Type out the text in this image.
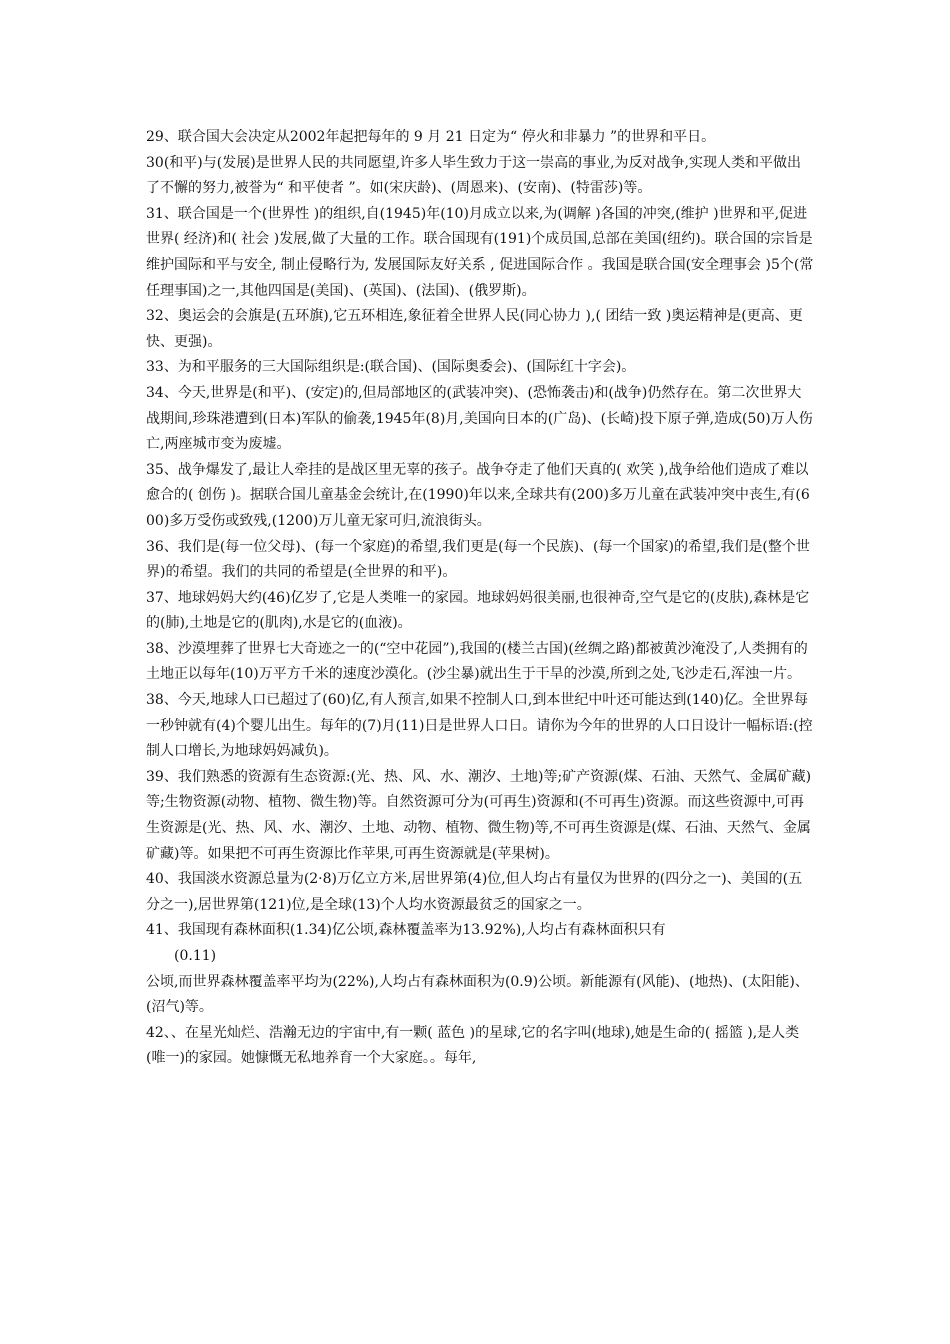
29、联合国大会决定从2002年起把每年的 9 月 21 日定为“ 停火和非暴力 ”的世界和平日。

30(和平)与(发展)是世界人民的共同愿望,许多人毕生致力于这一崇高的事业,为反对战争,实现人类和平做出了不懈的努力,被誉为“ 和平使者 ”。如(宋庆龄)、(周恩来)、(安南)、(特雷莎)等。

31、联合国是一个(世界性 )的组织,自(1945)年(10)月成立以来,为(调解 )各国的冲突,(维护 )世界和平,促进世界( 经济)和( 社会 )发展,做了大量的工作。联合国现有(191)个成员国,总部在美国(纽约)。联合国的宗旨是 维护国际和平与安全, 制止侵略行为, 发展国际友好关系 , 促进国际合作 。我国是联合国(安全理事会 )5个(常任理事国)之一,其他四国是(美国)、(英国)、(法国)、(俄罗斯)。

32、奥运会的会旗是(五环旗),它五环相连,象征着全世界人民(同心协力 ),( 团结一致 )奥运精神是(更高、更快、更强)。

33、为和平服务的三大国际组织是:(联合国)、(国际奥委会)、(国际红十字会)。

34、今天,世界是(和平)、(安定)的,但局部地区的(武装冲突)、(恐怖袭击)和(战争)仍然存在。第二次世界大战期间,珍珠港遭到(日本)军队的偷袭,1945年(8)月,美国向日本的(广岛)、(长崎)投下原子弹,造成(50)万人伤亡,两座城市变为废墟。

35、战争爆发了,最让人牵挂的是战区里无辜的孩子。战争夺走了他们天真的( 欢笑 ),战争给他们造成了难以愈合的( 创伤 )。据联合国儿童基金会统计,在(1990)年以来,全球共有(200)多万儿童在武装冲突中丧生,有(600)多万受伤或致残,(1200)万儿童无家可归,流浪街头。

36、我们是(每一位父母)、(每一个家庭)的希望,我们更是(每一个民族)、(每一个国家)的希望,我们是(整个世界)的希望。我们的共同的希望是(全世界的和平)。

37、地球妈妈大约(46)亿岁了,它是人类唯一的家园。地球妈妈很美丽,也很神奇,空气是它的(皮肤),森林是它的(肺),土地是它的(肌肉),水是它的(血液)。

38、沙漠埋葬了世界七大奇迹之一的(“空中花园”),我国的(楼兰古国)(丝绸之路)都被黄沙淹没了,人类拥有的土地正以每年(10)万平方千米的速度沙漠化。(沙尘暴)就出生于干旱的沙漠,所到之处,飞沙走石,浑浊一片。

38、今天,地球人口已超过了(60)亿,有人预言,如果不控制人口,到本世纪中叶还可能达到(140)亿。全世界每一秒钟就有(4)个婴儿出生。每年的(7)月(11)日是世界人口日。请你为今年的世界的人口日设计一幅标语:(控制人口增长,为地球妈妈减负)。

39、我们熟悉的资源有生态资源:(光、热、风、水、潮汐、土地)等;矿产资源(煤、石油、天然气、金属矿藏)等;生物资源(动物、植物、微生物)等。自然资源可分为(可再生)资源和(不可再生)资源。而这些资源中,可再生资源是(光、热、风、水、潮汐、土地、动物、植物、微生物)等,不可再生资源是(煤、石油、天然气、金属矿藏)等。如果把不可再生资源比作苹果,可再生资源就是(苹果树)。

40、我国淡水资源总量为(2·8)万亿立方米,居世界第(4)位,但人均占有量仅为世界的(四分之一)、美国的(五分之一),居世界第(121)位,是全球(13)个人均水资源最贫乏的国家之一。

41、我国现有森林面积(1.34)亿公顷,森林覆盖率为13.92%),人均占有森林面积只有

(0.11)

公顷,而世界森林覆盖率平均为(22%),人均占有森林面积为(0.9)公顷。新能源有(风能)、(地热)、(太阳能)、(沼气)等。

42、、在星光灿烂、浩瀚无边的宇宙中,有一颗( 蓝色 )的星球,它的名字叫(地球),她是生命的( 摇篮 ),是人类(唯一)的家园。她慷慨无私地养育一个大家庭。。每年,
